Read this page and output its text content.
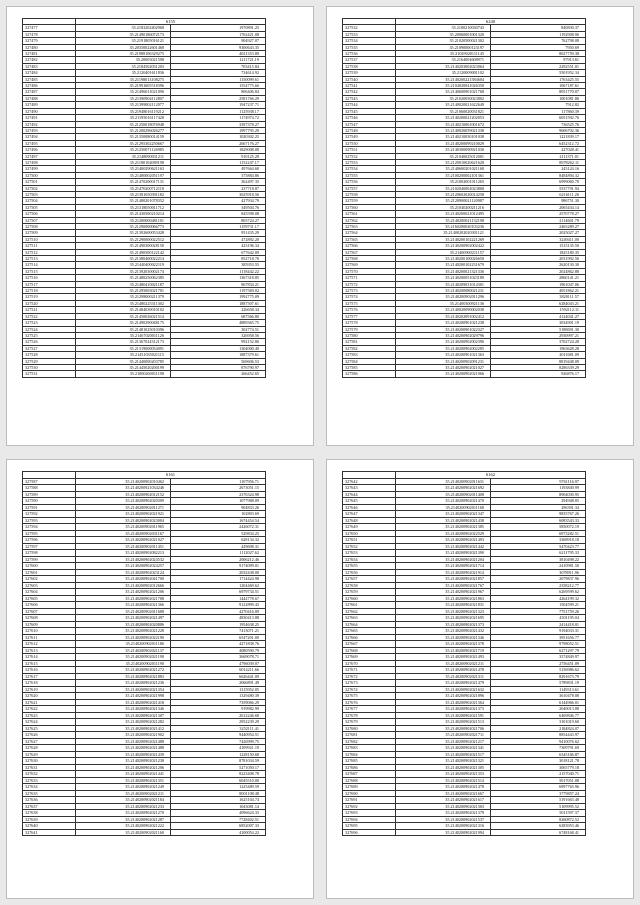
	6155	
327477	35.2183202402968	1970891.25
327478	35.21490186072173	1762421.08
327479	35.2191805016121	904927.07
327480	35.20350022601468	9300643.35
327481	35.21988106329275	4021353.89
327482	35.20003021598	1211721.19
327483	35.2184502031203	703415.84
327484	35.2120401611836	734614.92
327485	35.21198013108275	1150099.61
327486	35.21991605518396	1554775.66
327487	35.21496011021096	806406.84
327488	35.21390904112807	2581766.29
327489	35.21399002112077	1947237.71
327490	35.21948016119212	1125938.17
327491	35.21195016117428	1174974.72
327492	35.21250018076948	3397378.27
327493	35.21200296026277	1997795.29
327494	35.21350080014159	1020302.25
327495	35.21295302250667	2667176.27
327496	35.21250071126985	1829008.08
327497	35.2148090031211	910125.29
327498	35.21180102089198	1152247.17
327499	35.21400290621163	497664.60
327500	35.21480002051197	375884.86
327501	35.21470200017131	362497.35
327502	35.21470200712118	237718.87
327503	35.21381650391182	3025918.56
327504	35.21480201078352	427934.79
327505	35.21318050011712	349504.76
327506	35.21430500210214	845598.08
327507	35.21200000481101	803724.27
327508	35.21290000066773	1159731.17
327509	35.21392600053428	951435.29
327510	35.21290000022512	472892.20
327511	35.21490300028150	423196.34
327512	35.21490500122142	677642.09
327513	35.21380400022214	852718.70
327514	35.21440400022119	385953.55
327515	35.21392030002174	1118442.22
327516	35.21480250062385	1367318.85
327517	35.21480410021187	867834.21
327518	35.21295003021701	1197569.02
327519	35.21298000211379	1992775.09
327520	35.21480225311302	1887507.61
327521	35.21484030010102	226658.34
327522	35.21450026021514	687566.80
327523	35.21490290048175	4889365.75
327524	35.21481025010396	302774.51
327525	35.21467020011126	326958.56
327526	35.21367024312173	992152.86
327527	35.21319000054091	1304000.40
327528	35.21451035021115	1887379.61
327529	35.21440000203785	569606.53
327530	35.21445020200199	876790.97
327531	35.21000260011198	266452.65
	6240	
327532	35.2100210030743	840830.37
327533	35.20060001001320	1192908.96
327534	35.21020500021302	762798.08
327535	35.21090000123197	7950.69
327536	35.21029020111145	8027759.38
327537	35.2164004608971	97913.61
327538	35.2140203002023064	2292551.01
327539	35.2120009001102	5501952.34
327540	35.2140200221584604	1763425.55
327541	35.2104020041026350	1067187.61
327542	35.2140600901021768	8051770.07
327543	35.21020050023802	1001081.86
327544	35.2140020021622649	7912.82
327545	35.21060020031821	117860.39
327546	35.2140200021202053	6051592.76
327547	35.2140210061001672	736525.76
327548	35.2140020059021338	9606702.36
327549	35.2140210030101038	1221839.17
327550	35.2140200099210029	6452312.72
327551	35.2140300090921030	227028.41
327552	35.21040025012001	2111371.01
327553	35.2120010020621620	8978262.11
327554	35.2140600201021168	243124.16
327555	35.2100200002101361	8484894.32
327556	35.21002001011265	6999060.70
327557	35.2102040002023868	5537791.94
327558	35.2120602020014258	6216111.26
327559	35.2120900021120987	986751.30
327560	35.21040200211216	2065434.14
327561	35.2140200021012495	2570778.27
327562	35.2140200021132198	2114601.79
327563	35.2160200020103236	2465289.27
327564	35.21400202020301121	2025027.27
327565	35.2140200102221269	3249411.00
327566	35.2140200902002422	1515135.50
327567	35.21400900211157	1825180.35
327568	35.2140200100026650	2031992.56
327569	35.2140200102231679	2620130.30
327570	35.2140200021321336	2024862.88
327571	35.2140200051023189	2860141.21
327572	35.2140209031014301	1961047.06
327573	35.2140200080021231	4051862.21
327574	35.2140200902011296	3820111.57
327575	35.21400300921136	6284043.21
327576	35.2140020090002038	1592112.11
327577	35.2140202091002412	4124041.27
327578	35.2140200901021238	3034901.19
327579	35.2140200901022327	5188691.30
327580	35.2140200902029796	2930997.21
327581	35.2140200902002396	3702724.28
327582	35.2140200902002285	1963628.28
327583	35.2140200901021363	2011681.09
327584	35.2140200902091231	8819448.09
327585	35.2140200902021027	8286339.29
327586	35.2140200902021066	926876.17
	6161	
327587	35.2140200902010462	1107956.71
327588	35.2140200921034246	2673051.15
327589	35.2140200902012152	2376324.98
327590	35.2140200902020309	1077988.09
327591	35.2140200902011271	904833.26
327592	35.2140200902021921	102803.69
327593	35.2140200902023004	1674454.54
327594	35.2140200902011965	2426072.31
327595	35.2140200902031167	529834.25
327596	35.2140200902021027	628134.32
327597	35.2140200902011451	429698.31
327598	35.2140200902082213	1112027.62
327599	35.2140200902024532	2006212.46
327600	35.2140200902024257	9174099.01
327601	35.2140200902023124	2032438.00
327602	35.2140200902041700	1714424.98
327603	35.2140200902012666	1204469.62
327604	35.2140200902021206	6979734.51
327605	35.2140200902021788	1442778.67
327606	35.2140200902021366	9122899.43
327607	35.2140200902011688	4270416.09
327608	35.2140200902021497	4830413.88
327609	35.2140200902020886	1954638.25
327610	35.2140200902021228	7413071.21
327611	35.2140200902022190	6547201.00
327612	35.2140200902011186	4271838.76
327613	35.2140200902021137	4080590.79
327614	35.2140200902021190	3669078.71
327615	35.2140200902011190	4796039.07
327616	35.2140200902021272	6014211.66
327617	35.2140200902021883	6626441.09
327618	35.2140200902021236	2066891.49
327619	35.2140200902021354	1315952.05
327620	35.2140200902021998	1329480.39
327621	35.2140200902021418	7359066.29
327622	35.2140200902021346	919982.99
327623	35.2140200902021307	2612246.68
327624	35.2140200902021282	2952239.29
327625	35.2140200902021412	3252111.41
327626	35.2140200902021902	9440954.51
327627	35.2140200902021488	7426999.75
327628	35.2140200902021488	4109921.19
327629	35.2140200902021439	1228150.68
327630	35.2140200902021238	8781034.59
327631	35.2140200902021206	5271050.17
327632	35.2140200902021441	8223408.78
327633	35.2140200902021351	6045510.00
327634	35.2140200902021249	1225489.59
327635	35.2140200902021211	8001108.48
327636	35.2140200902021184	1625104.74
327637	35.2140200902021233	1043081.14
327638	35.2140200902021270	4096624.33
327639	35.2140200902021287	7728402.51
327640	35.2140200902021222	6852007.33
327641	35.2140200902021160	4100054.22
	6162	
327642	35.2140200902011631	9761116.97
327643	35.2140200902021692	1193840.99
327644	35.2140200902011408	8904030.95
327645	35.2140200902021470	294948.05
327646	35.2140200902011168	296391.34
327647	35.2140200902021347	9835767.26
327648	35.2140200902021438	6083543.33
327649	35.2140200902021385	5850072.19
327650	35.2140200902022529	6973282.51
327651	35.2140200902021493	3368918.18
327652	35.2140200902021442	5470423.77
327653	35.2140200902021390	6211795.33
327654	35.2140200902021204	3810498.22
327655	35.2140200902021714	2410981.50
327656	35.2140200902021914	3078911.96
327657	35.2140200902021857	2079837.96
327658	35.2140200902021767	2358212.77
327659	35.2140200902021967	6269599.62
327660	35.2140200902021863	4264199.32
327661	35.2140200902021831	1504599.21
327662	35.2140200902021323	7751759.26
327663	35.2140200902021695	4301195.04
327664	35.2140200902021373	2414418.01
327665	35.2140200902021432	9194033.31
327666	35.2140200902021346	3951656.77
327667	35.2140200902021378	9798052.51
327668	35.2140200902021719	6271297.79
327669	35.2140200902021493	3574849.97
327670	35.2140200902021211	2756451.09
327671	35.2140200902021478	5156986.62
327672	35.2140200902021311	8291673.79
327673	35.2140200902021479	5789831.19
327674	35.2140200902021632	1149313.61
327675	35.2140200902021896	3610478.08
327676	35.2140200902021364	6144966.01
327677	35.2140200902021373	2040013.88
327678	35.2140200902021591	6469846.77
327679	35.2140200902021513	3101019.60
327680	35.2140200902021706	2184824.07
327681	35.2140200902021711	8854443.97
327682	35.2140200902021217	9410076.62
327683	35.2140200902021341	7309791.69
327684	35.2140200902021517	6345166.87
327685	35.2140200902021321	3018121.78
327686	35.2140200902021305	3065779.18
327687	35.2140200902021353	2157040.71
327688	35.2140200902021514	5017051.08
327689	35.2140200902021478	6997765.96
327690	35.2140200902021667	3779857.24
327691	35.2140200902021617	5191663.48
327692	35.2140200902021303	5109995.52
327693	35.2140200902021379	5011597.37
327694	35.2140200902021537	8260872.52
327695	35.2140200902021316	6283953.46
327696	35.2140200902021994	6748168.41
